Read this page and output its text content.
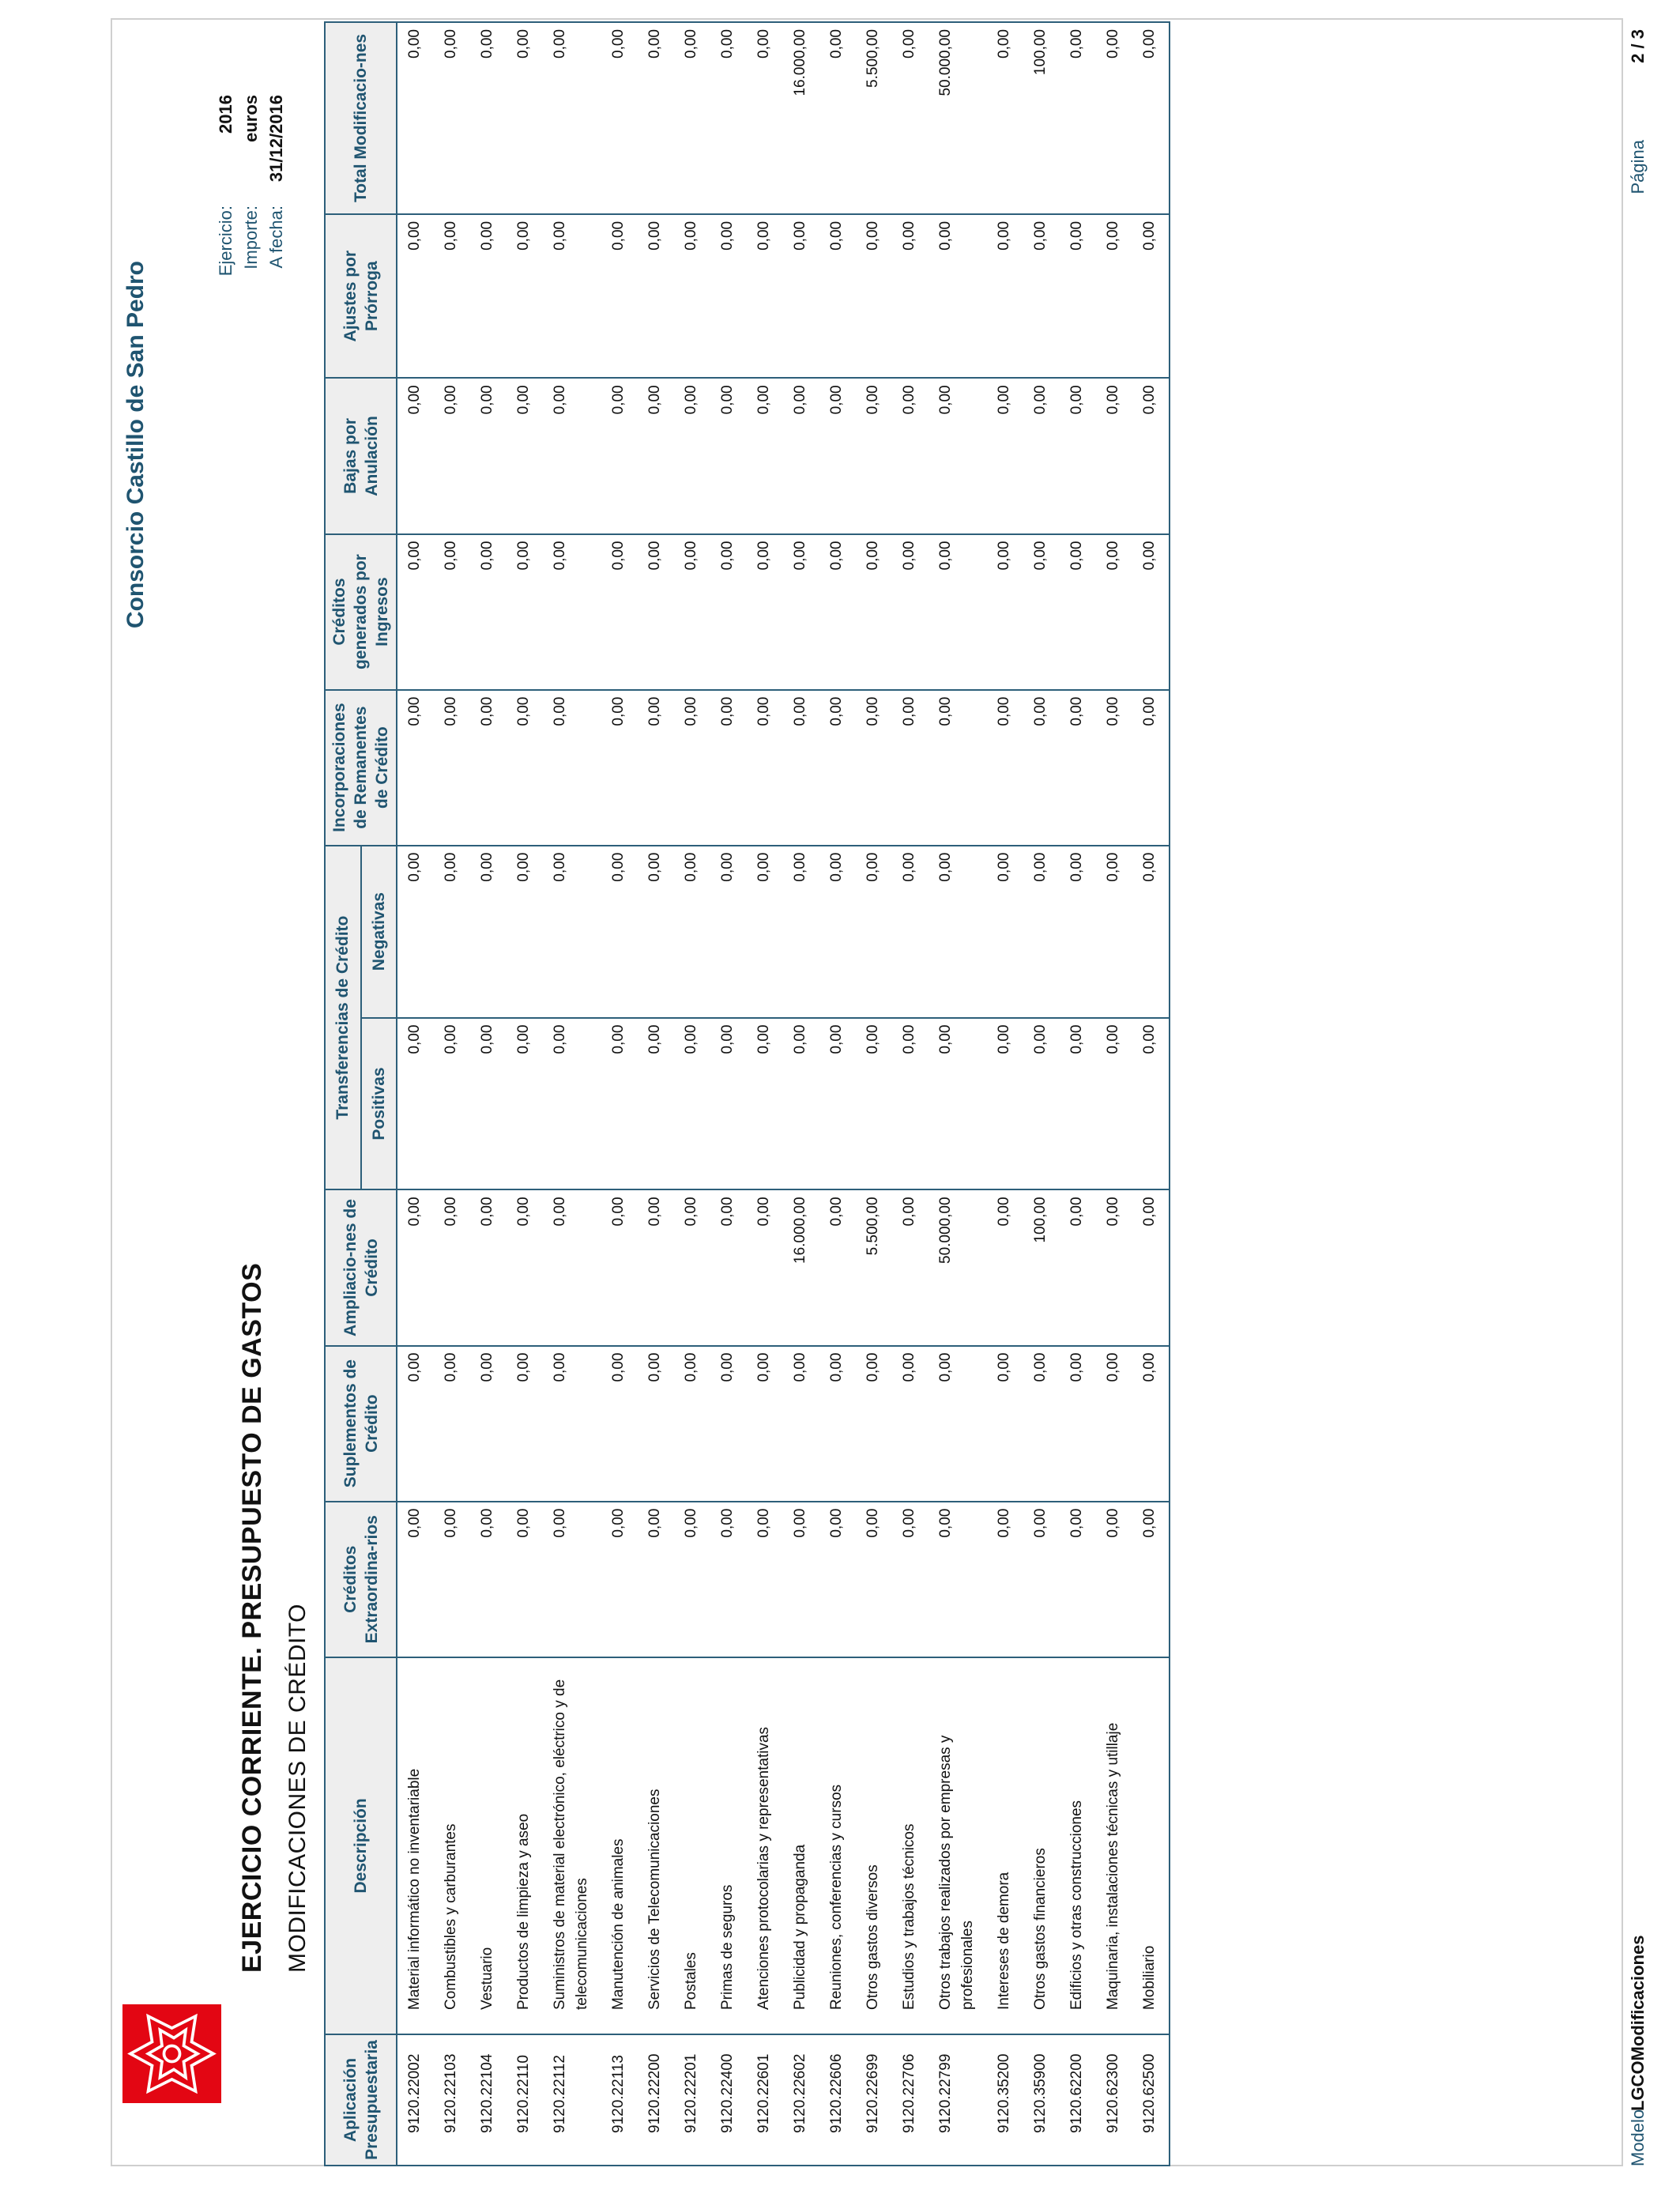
Consorcio Castillo de San Pedro
EJERCICIO CORRIENTE. PRESUPUESTO DE GASTOS MODIFICACIONES DE CRÉDITO
Ejercicio:
2016
Importe:
euros
A fecha:
31/12/2016
Aplicación Presupuestaria	Descripción	Créditos Extraordina-rios	Suplementos de Crédito	Ampliacio-nes de Crédito	Transferencias de Crédito		Incorporaciones de Remanentes de Crédito	Créditos generados por Ingresos	Bajas por Anulación	Ajustes por Prórroga	Total Modificacio-nes
					Positivas	Negativas					
9120.22002	Material informático no inventariable	0,00	0,00	0,00	0,00	0,00	0,00	0,00	0,00	0,00	0,00
9120.22103	Combustibles y carburantes	0,00	0,00	0,00	0,00	0,00	0,00	0,00	0,00	0,00	0,00
9120.22104	Vestuario	0,00	0,00	0,00	0,00	0,00	0,00	0,00	0,00	0,00	0,00
9120.22110	Productos de limpieza y aseo	0,00	0,00	0,00	0,00	0,00	0,00	0,00	0,00	0,00	0,00
9120.22112	Suministros de material electrónico, eléctrico y de telecomunicaciones	0,00	0,00	0,00	0,00	0,00	0,00	0,00	0,00	0,00	0,00
9120.22113	Manutención de animales	0,00	0,00	0,00	0,00	0,00	0,00	0,00	0,00	0,00	0,00
9120.22200	Servicios de Telecomunicaciones	0,00	0,00	0,00	0,00	0,00	0,00	0,00	0,00	0,00	0,00
9120.22201	Postales	0,00	0,00	0,00	0,00	0,00	0,00	0,00	0,00	0,00	0,00
9120.22400	Primas de seguros	0,00	0,00	0,00	0,00	0,00	0,00	0,00	0,00	0,00	0,00
9120.22601	Atenciones protocolarias y representativas	0,00	0,00	0,00	0,00	0,00	0,00	0,00	0,00	0,00	0,00
9120.22602	Publicidad y propaganda	0,00	0,00	16.000,00	0,00	0,00	0,00	0,00	0,00	0,00	16.000,00
9120.22606	Reuniones, conferencias y cursos	0,00	0,00	0,00	0,00	0,00	0,00	0,00	0,00	0,00	0,00
9120.22699	Otros gastos diversos	0,00	0,00	5.500,00	0,00	0,00	0,00	0,00	0,00	0,00	5.500,00
9120.22706	Estudios y trabajos técnicos	0,00	0,00	0,00	0,00	0,00	0,00	0,00	0,00	0,00	0,00
9120.22799	Otros trabajos realizados por empresas y profesionales	0,00	0,00	50.000,00	0,00	0,00	0,00	0,00	0,00	0,00	50.000,00
9120.35200	Intereses de demora	0,00	0,00	0,00	0,00	0,00	0,00	0,00	0,00	0,00	0,00
9120.35900	Otros gastos financieros	0,00	0,00	100,00	0,00	0,00	0,00	0,00	0,00	0,00	100,00
9120.62200	Edificios y otras construcciones	0,00	0,00	0,00	0,00	0,00	0,00	0,00	0,00	0,00	0,00
9120.62300	Maquinaria, instalaciones técnicas y utillaje	0,00	0,00	0,00	0,00	0,00	0,00	0,00	0,00	0,00	0,00
9120.62500	Mobiliario	0,00	0,00	0,00	0,00	0,00	0,00	0,00	0,00	0,00	0,00
Modelo
LGCOModificaciones
Página
2 / 3
